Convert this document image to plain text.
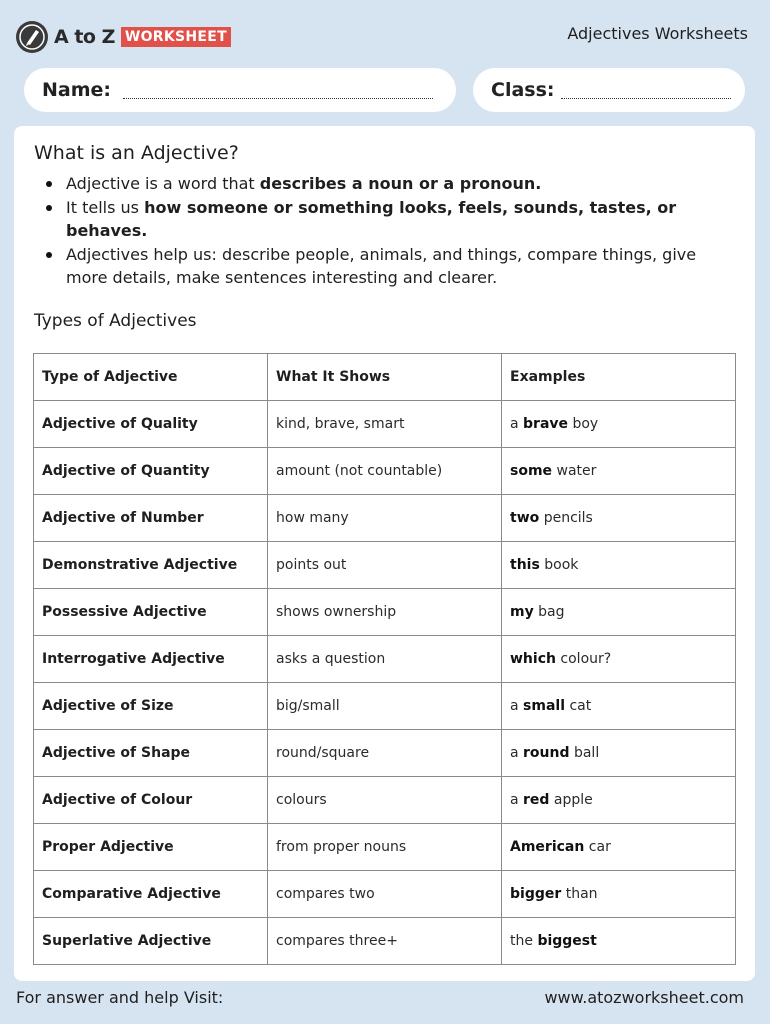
A to Z WORKSHEET	Adjectives Worksheets
Name:	Class:
What is an Adjective?
Adjective is a word that describes a noun or a pronoun.
It tells us how someone or something looks, feels, sounds, tastes, or behaves.
Adjectives help us: describe people, animals, and things, compare things, give more details, make sentences interesting and clearer.
Types of Adjectives
Type of Adjective	What It Shows	Examples
Adjective of Quality	kind, brave, smart	a brave boy
Adjective of Quantity	amount (not countable)	some water
Adjective of Number	how many	two pencils
Demonstrative Adjective	points out	this book
Possessive Adjective	shows ownership	my bag
Interrogative Adjective	asks a question	which colour?
Adjective of Size	big/small	a small cat
Adjective of Shape	round/square	a round ball
Adjective of Colour	colours	a red apple
Proper Adjective	from proper nouns	American car
Comparative Adjective	compares two	bigger than
Superlative Adjective	compares three+	the biggest
For answer and help Visit:	www.atozworksheet.com
